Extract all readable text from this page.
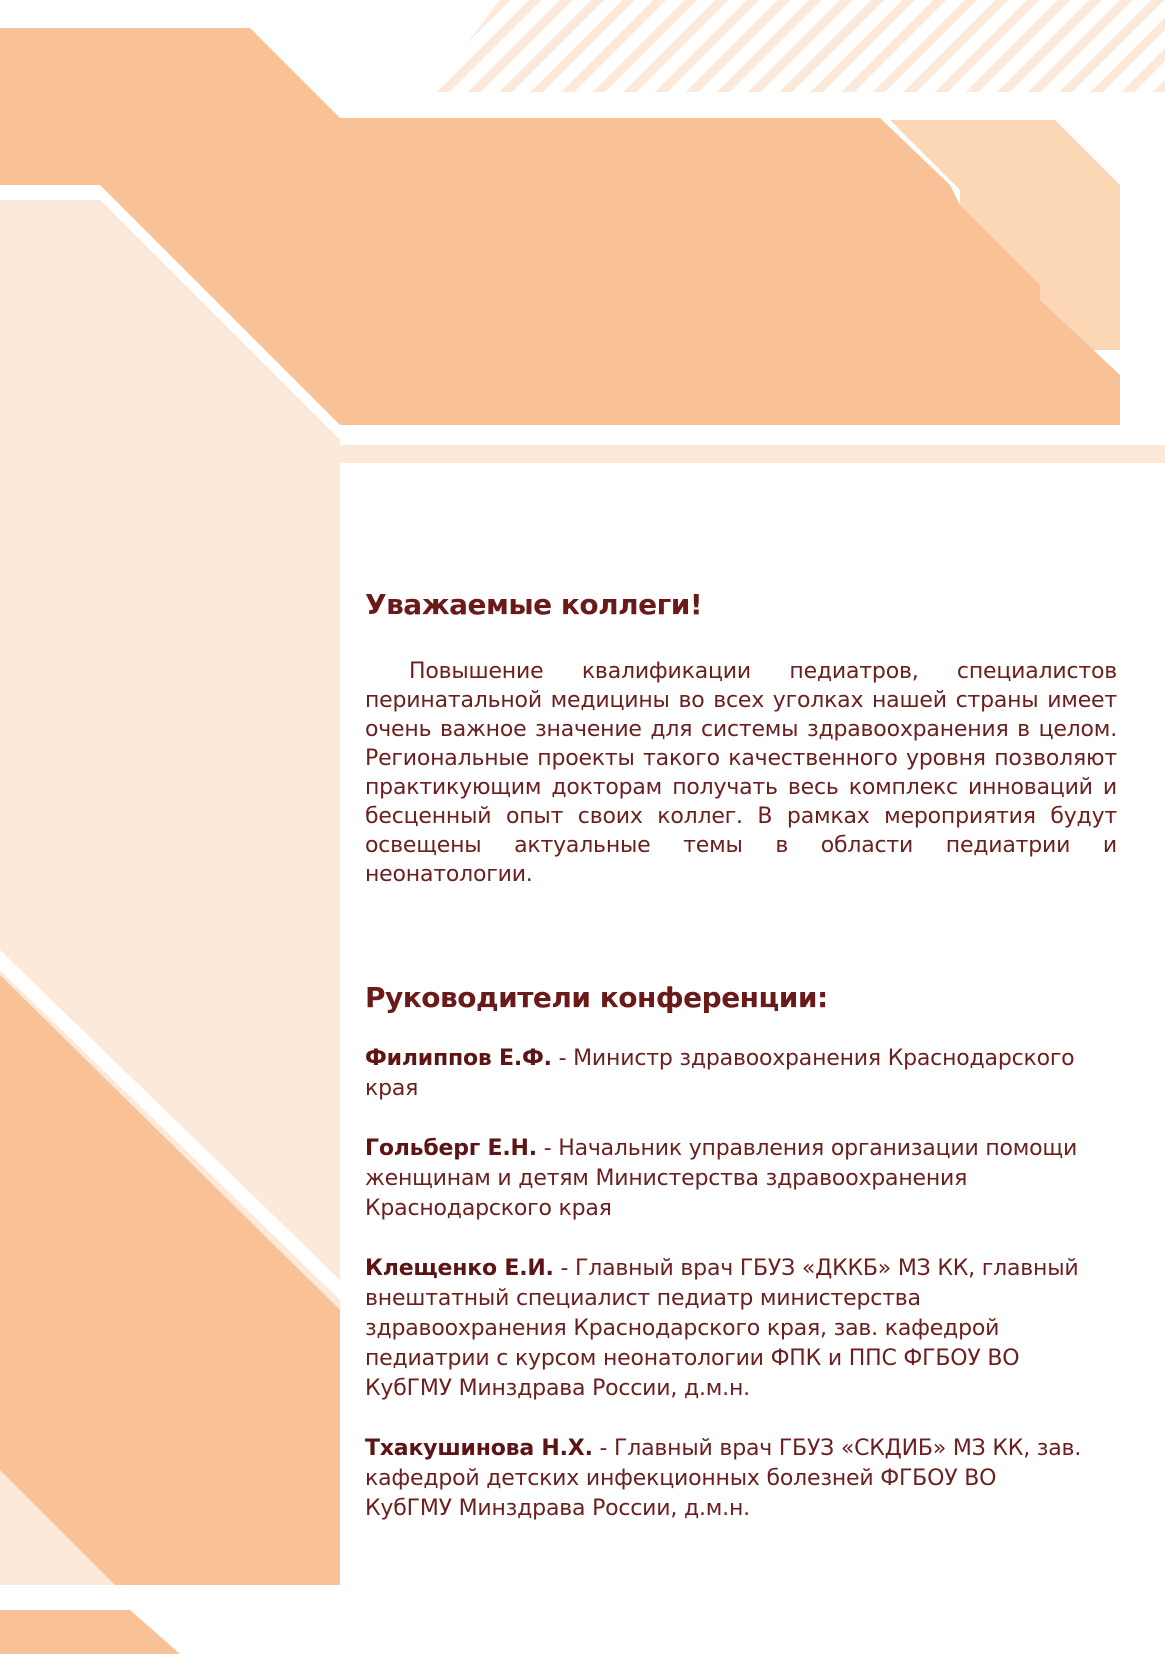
Уважаемые коллеги!

Повышение квалификации педиатров, специалистов перинатальной медицины во всех уголках нашей страны имеет очень важное значение для системы здравоохранения в целом. Региональные проекты такого качественного уровня позволяют практикующим докторам получать весь комплекс инноваций и бесценный опыт своих коллег. В рамках мероприятия будут освещены актуальные темы в области педиатрии и неонатологии.

Руководители конференции:
Филиппов Е.Ф. - Министр здравоохранения Краснодарского края
Гольберг Е.Н. - Начальник управления организации помощи женщинам и детям Министерства здравоохранения Краснодарского края
Клещенко Е.И. - Главный врач ГБУЗ «ДККБ» МЗ КК, главный внештатный специалист педиатр министерства здравоохранения Краснодарского края, зав. кафедрой педиатрии с курсом неонатологии ФПК и ППС ФГБОУ ВО КубГМУ Минздрава России, д.м.н.
Тхакушинова Н.Х. - Главный врач ГБУЗ «СКДИБ» МЗ КК, зав. кафедрой детских инфекционных болезней ФГБОУ ВО КубГМУ Минздрава России, д.м.н.
